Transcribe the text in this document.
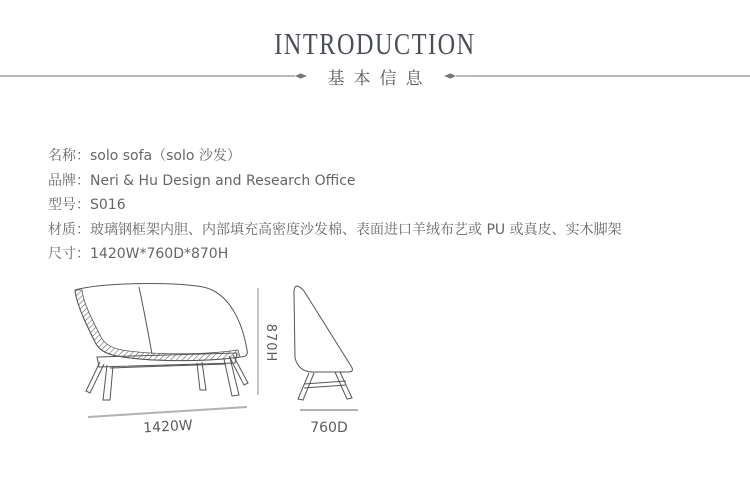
INTRODUCTION
基本信息
名称：solo sofa（solo 沙发）
品牌：Neri & Hu Design and Research Office
型号：S016
材质：玻璃钢框架内胆、内部填充高密度沙发棉、表面进口羊绒布艺或 PU 或真皮、实木脚架
尺寸：1420W*760D*870H
870H
1420W	760D
